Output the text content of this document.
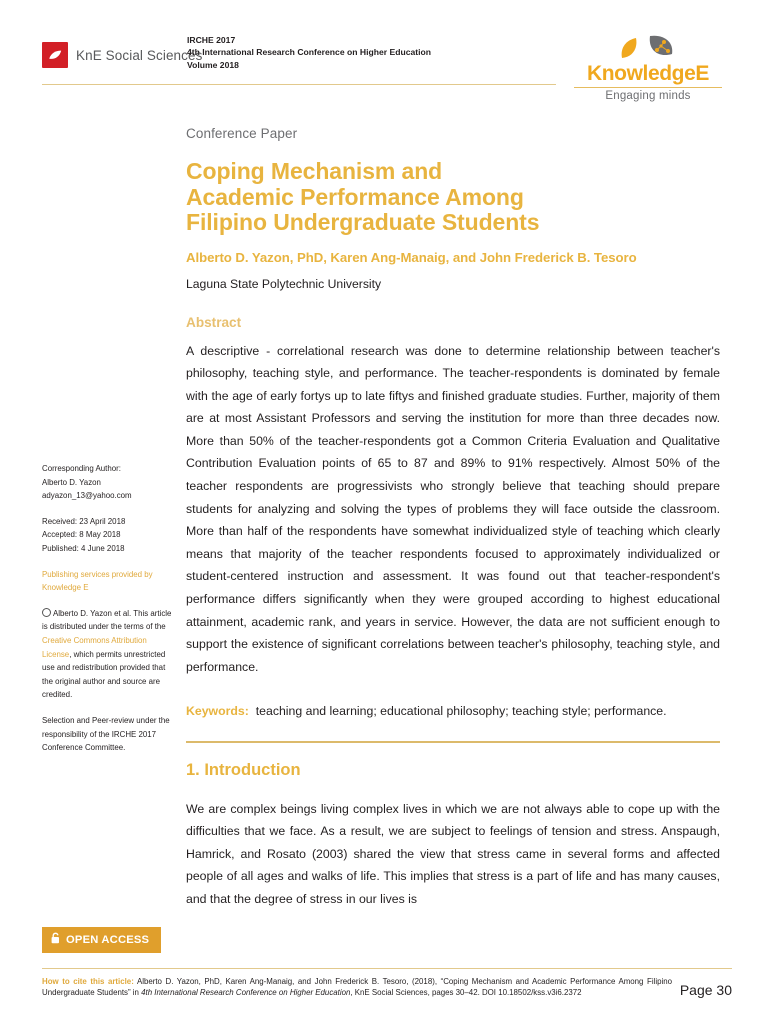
KnE Social Sciences
IRCHE 2017
4th International Research Conference on Higher Education
Volume 2018	KnowledgeE
Engaging minds
Corresponding Author:
Alberto D. Yazon
adyazon_13@yahoo.com
Received: 23 April 2018
Accepted: 8 May 2018
Published: 4 June 2018
Publishing services provided by
Knowledge E
Alberto D. Yazon et al. This article is distributed under the terms of the Creative Commons Attribution License, which permits unrestricted use and redistribution provided that the original author and source are credited.
Selection and Peer-review under the responsibility of the IRCHE 2017 Conference Committee.
OPEN ACCESS

Conference Paper

Coping Mechanism and
Academic Performance Among
Filipino Undergraduate Students

Alberto D. Yazon, PhD, Karen Ang-Manaig, and John Frederick B. Tesoro

Laguna State Polytechnic University

Abstract

A descriptive - correlational research was done to determine relationship between teacher's philosophy, teaching style, and performance. The teacher-respondents is dominated by female with the age of early fortys up to late fiftys and finished graduate studies. Further, majority of them are at most Assistant Professors and serving the institution for more than three decades now. More than 50% of the teacher-respondents got a Common Criteria Evaluation and Qualitative Contribution Evaluation points of 65 to 87 and 89% to 91% respectively. Almost 50% of the teacher respondents are progressivists who strongly believe that teaching should prepare students for analyzing and solving the types of problems they will face outside the classroom. More than half of the respondents have somewhat individualized style of teaching which clearly means that majority of the teacher respondents focused to approximately individualized or student-centered instruction and assessment. It was found out that teacher-respondent's performance differs significantly when they were grouped according to highest educational attainment, academic rank, and years in service. However, the data are not sufficient enough to support the existence of significant correlations between teacher's philosophy, teaching style, and performance.

Keywords: teaching and learning; educational philosophy; teaching style; performance.

1. Introduction

We are complex beings living complex lives in which we are not always able to cope up with the difficulties that we face. As a result, we are subject to feelings of tension and stress. Anspaugh, Hamrick, and Rosato (2003) shared the view that stress came in several forms and affected people of all ages and walks of life. This implies that stress is a part of life and has many causes, and that the degree of stress in our lives is

How to cite this article: Alberto D. Yazon, PhD, Karen Ang-Manaig, and John Frederick B. Tesoro, (2018), “Coping Mechanism and Academic Performance Among Filipino Undergraduate Students” in 4th International Research Conference on Higher Education, KnE Social Sciences, pages 30–42. DOI 10.18502/kss.v3i6.2372	Page 30
